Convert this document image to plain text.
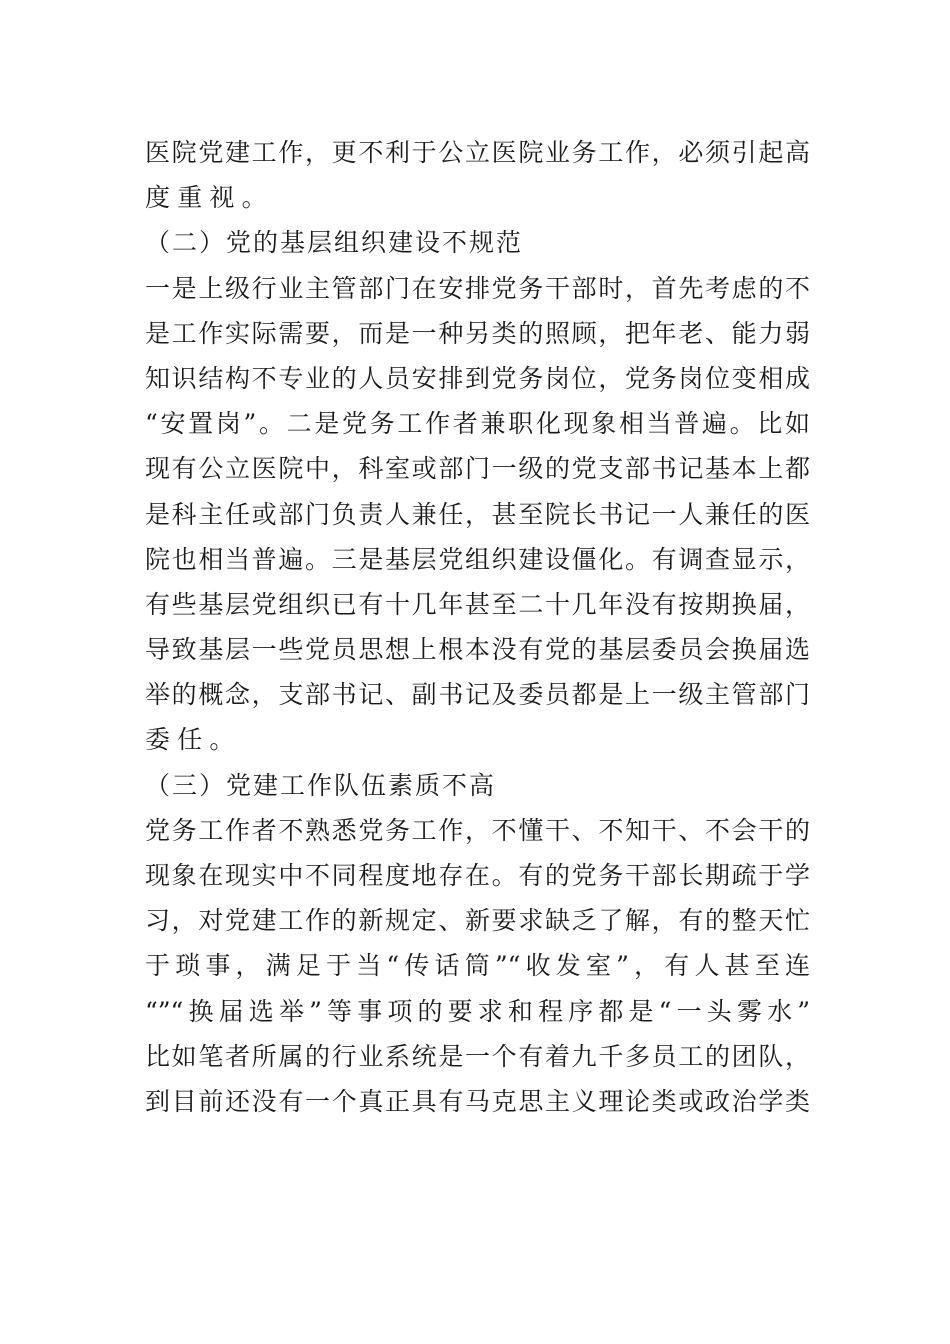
医院党建工作，更不利于公立医院业务工作，必须引起高
度重视。
（二）党的基层组织建设不规范
一是上级行业主管部门在安排党务干部时，首先考虑的不
是工作实际需要，而是一种另类的照顾，把年老、能力弱
知识结构不专业的人员安排到党务岗位，党务岗位变相成
“安置岗”。二是党务工作者兼职化现象相当普遍。比如
现有公立医院中，科室或部门一级的党支部书记基本上都
是科主任或部门负责人兼任，甚至院长书记一人兼任的医
院也相当普遍。三是基层党组织建设僵化。有调查显示，
有些基层党组织已有十几年甚至二十几年没有按期换届，
导致基层一些党员思想上根本没有党的基层委员会换届选
举的概念，支部书记、副书记及委员都是上一级主管部门
委任。
（三）党建工作队伍素质不高
党务工作者不熟悉党务工作，不懂干、不知干、不会干的
现象在现实中不同程度地存在。有的党务干部长期疏于学
习，对党建工作的新规定、新要求缺乏了解，有的整天忙
于琐事，满足于当“传话筒”“收发室”，有人甚至连
“”“换届选举”等事项的要求和程序都是“一头雾水”
比如笔者所属的行业系统是一个有着九千多员工的团队，
到目前还没有一个真正具有马克思主义理论类或政治学类
